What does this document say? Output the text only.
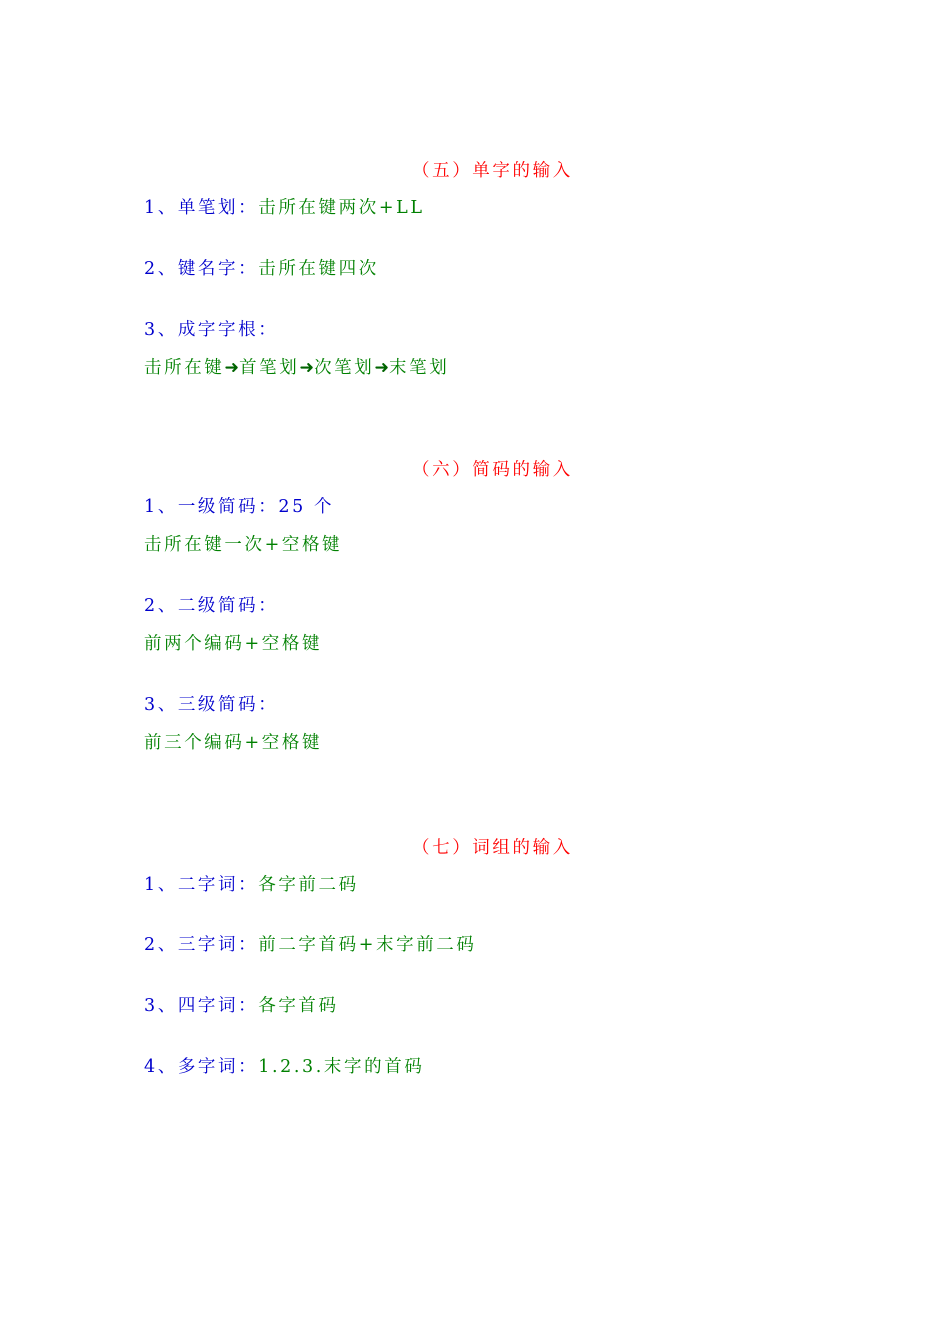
（五）单字的输入
1、单笔划：击所在键两次+LL
2、键名字：击所在键四次
3、成字字根：
击所在键➜首笔划➜次笔划➜末笔划
（六）简码的输入
1、一级简码：25 个
击所在键一次+空格键
2、二级简码：
前两个编码+空格键
3、三级简码：
前三个编码+空格键
（七）词组的输入
1、二字词：各字前二码
2、三字词：前二字首码+末字前二码
3、四字词：各字首码
4、多字词：1.2.3.末字的首码
